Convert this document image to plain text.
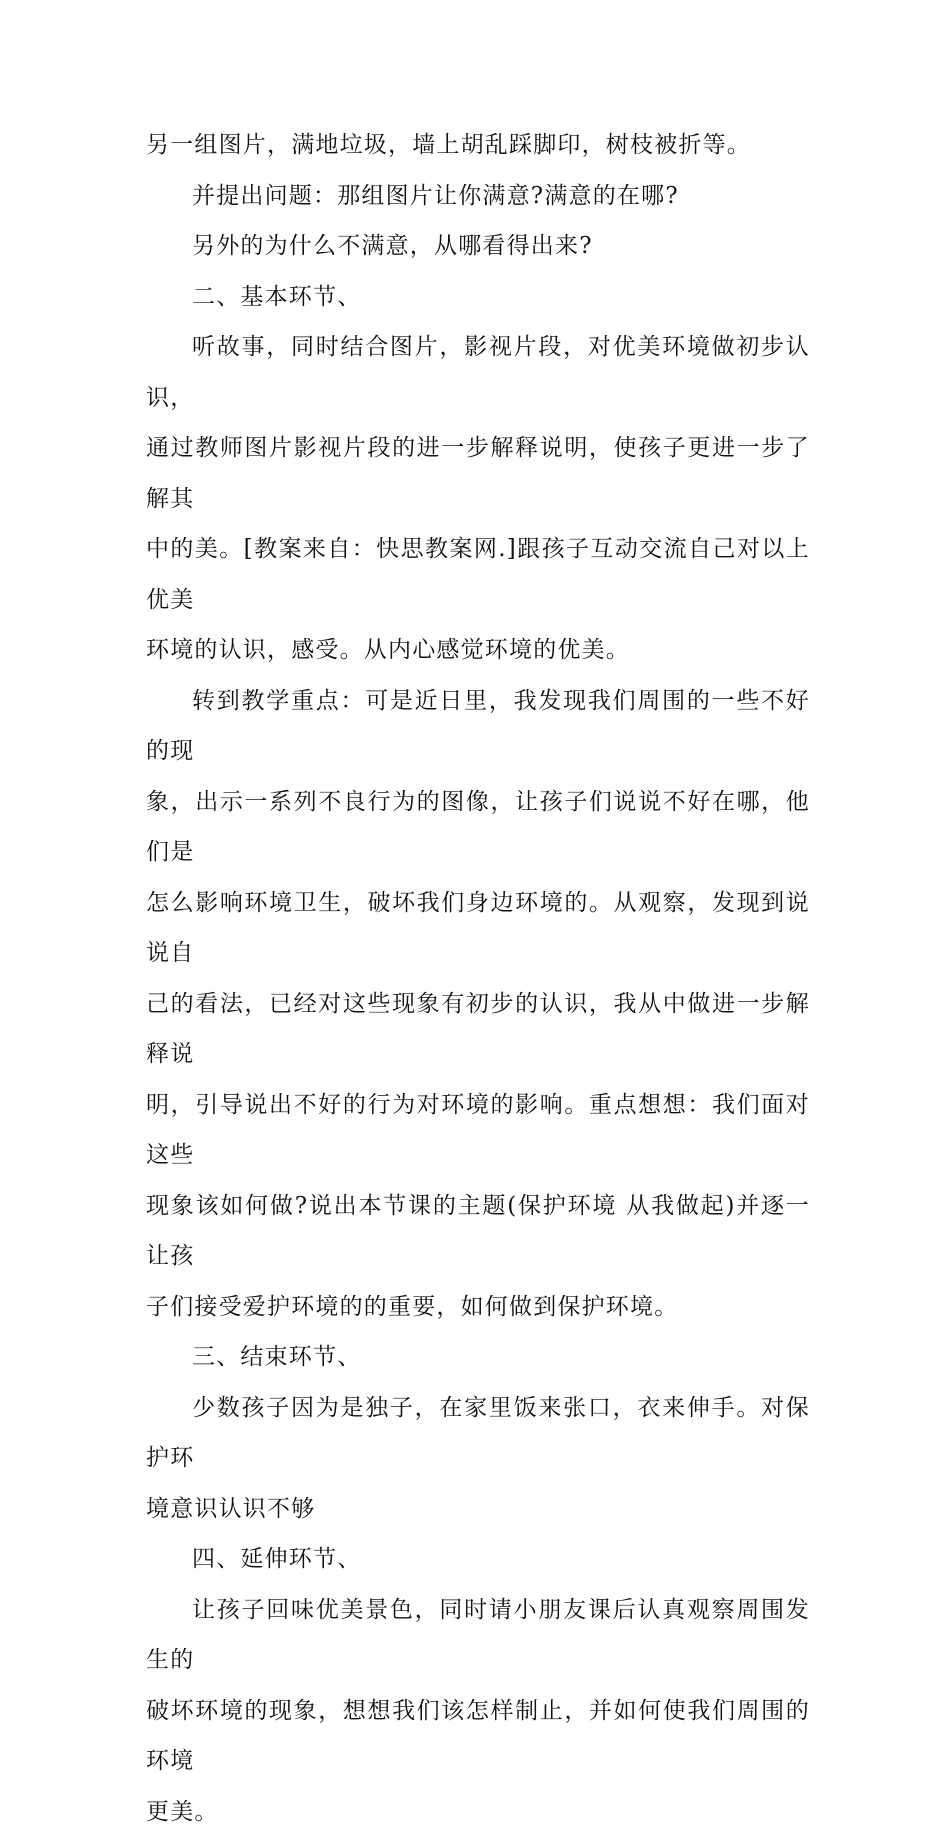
另一组图片，满地垃圾，墙上胡乱踩脚印，树枝被折等。

并提出问题：那组图片让你满意?满意的在哪?

另外的为什么不满意，从哪看得出来?

二、基本环节、

听故事，同时结合图片，影视片段，对优美环境做初步认识，
通过教师图片影视片段的进一步解释说明，使孩子更进一步了解其
中的美。[教案来自：快思教案网.]跟孩子互动交流自己对以上优美
环境的认识，感受。从内心感觉环境的优美。

转到教学重点：可是近日里，我发现我们周围的一些不好的现
象，出示一系列不良行为的图像，让孩子们说说不好在哪，他们是
怎么影响环境卫生，破坏我们身边环境的。从观察，发现到说说自
己的看法，已经对这些现象有初步的认识，我从中做进一步解释说
明，引导说出不好的行为对环境的影响。重点想想：我们面对这些
现象该如何做?说出本节课的主题(保护环境 从我做起)并逐一让孩
子们接受爱护环境的的重要，如何做到保护环境。

三、结束环节、

少数孩子因为是独子，在家里饭来张口，衣来伸手。对保护环
境意识认识不够

四、延伸环节、

让孩子回味优美景色，同时请小朋友课后认真观察周围发生的
破坏环境的现象，想想我们该怎样制止，并如何使我们周围的环境
更美。
